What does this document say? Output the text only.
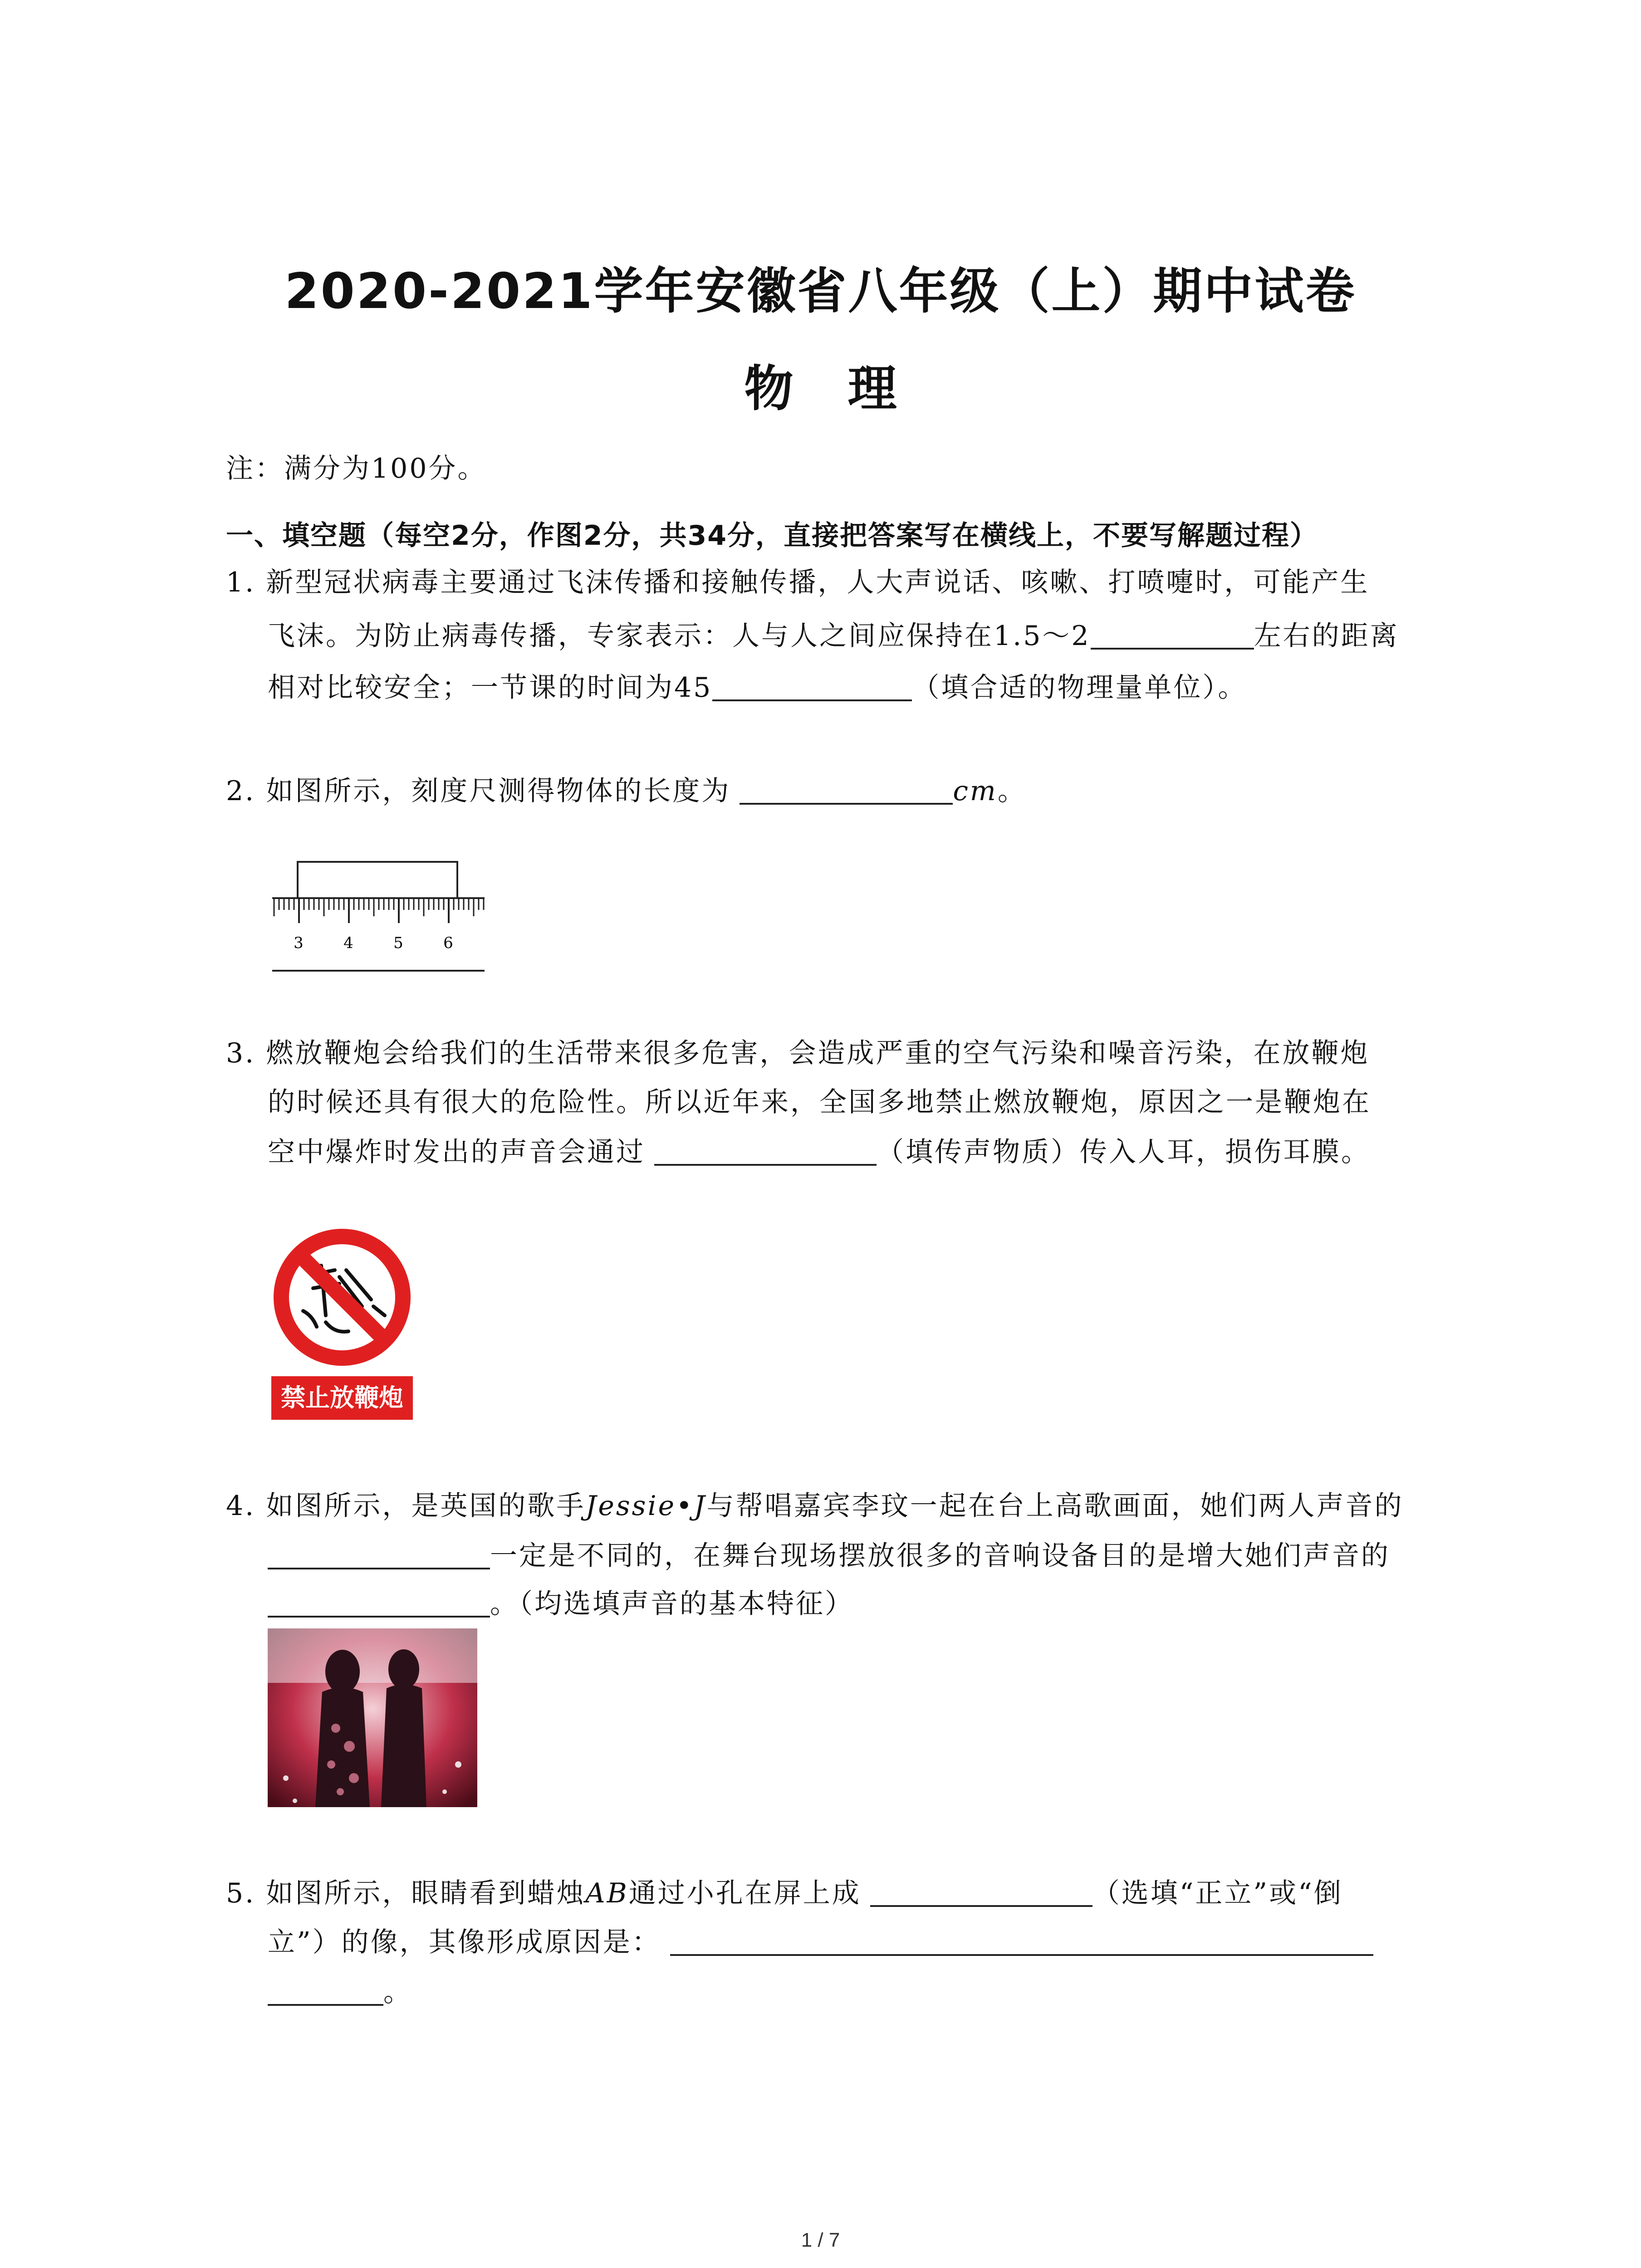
2020-2021学年安徽省八年级（上）期中试卷
物理
注：满分为100分。
一、填空题（每空2分，作图2分，共34分，直接把答案写在横线上，不要写解题过程）
1. 新型冠状病毒主要通过飞沫传播和接触传播，人大声说话、咳嗽、打喷嚏时，可能产生
飞沫。为防止病毒传播，专家表示：人与人之间应保持在1.5～2	左右的距离
相对比较安全；一节课的时间为45	（填合适的物理量单位）。
2. 如图所示，刻度尺测得物体的长度为	cm。
3	4	5	6
3. 燃放鞭炮会给我们的生活带来很多危害，会造成严重的空气污染和噪音污染，在放鞭炮
的时候还具有很大的危险性。所以近年来，全国多地禁止燃放鞭炮，原因之一是鞭炮在
空中爆炸时发出的声音会通过	（填传声物质）传入人耳，损伤耳膜。
禁止放鞭炮
4. 如图所示，是英国的歌手Jessie•J与帮唱嘉宾李玟一起在台上高歌画面，她们两人声音的
一定是不同的，在舞台现场摆放很多的音响设备目的是增大她们声音的
。（均选填声音的基本特征）
5. 如图所示，眼睛看到蜡烛AB通过小孔在屏上成	（选填“正立”或“倒
立”）的像，其像形成原因是：
。
1 / 7
